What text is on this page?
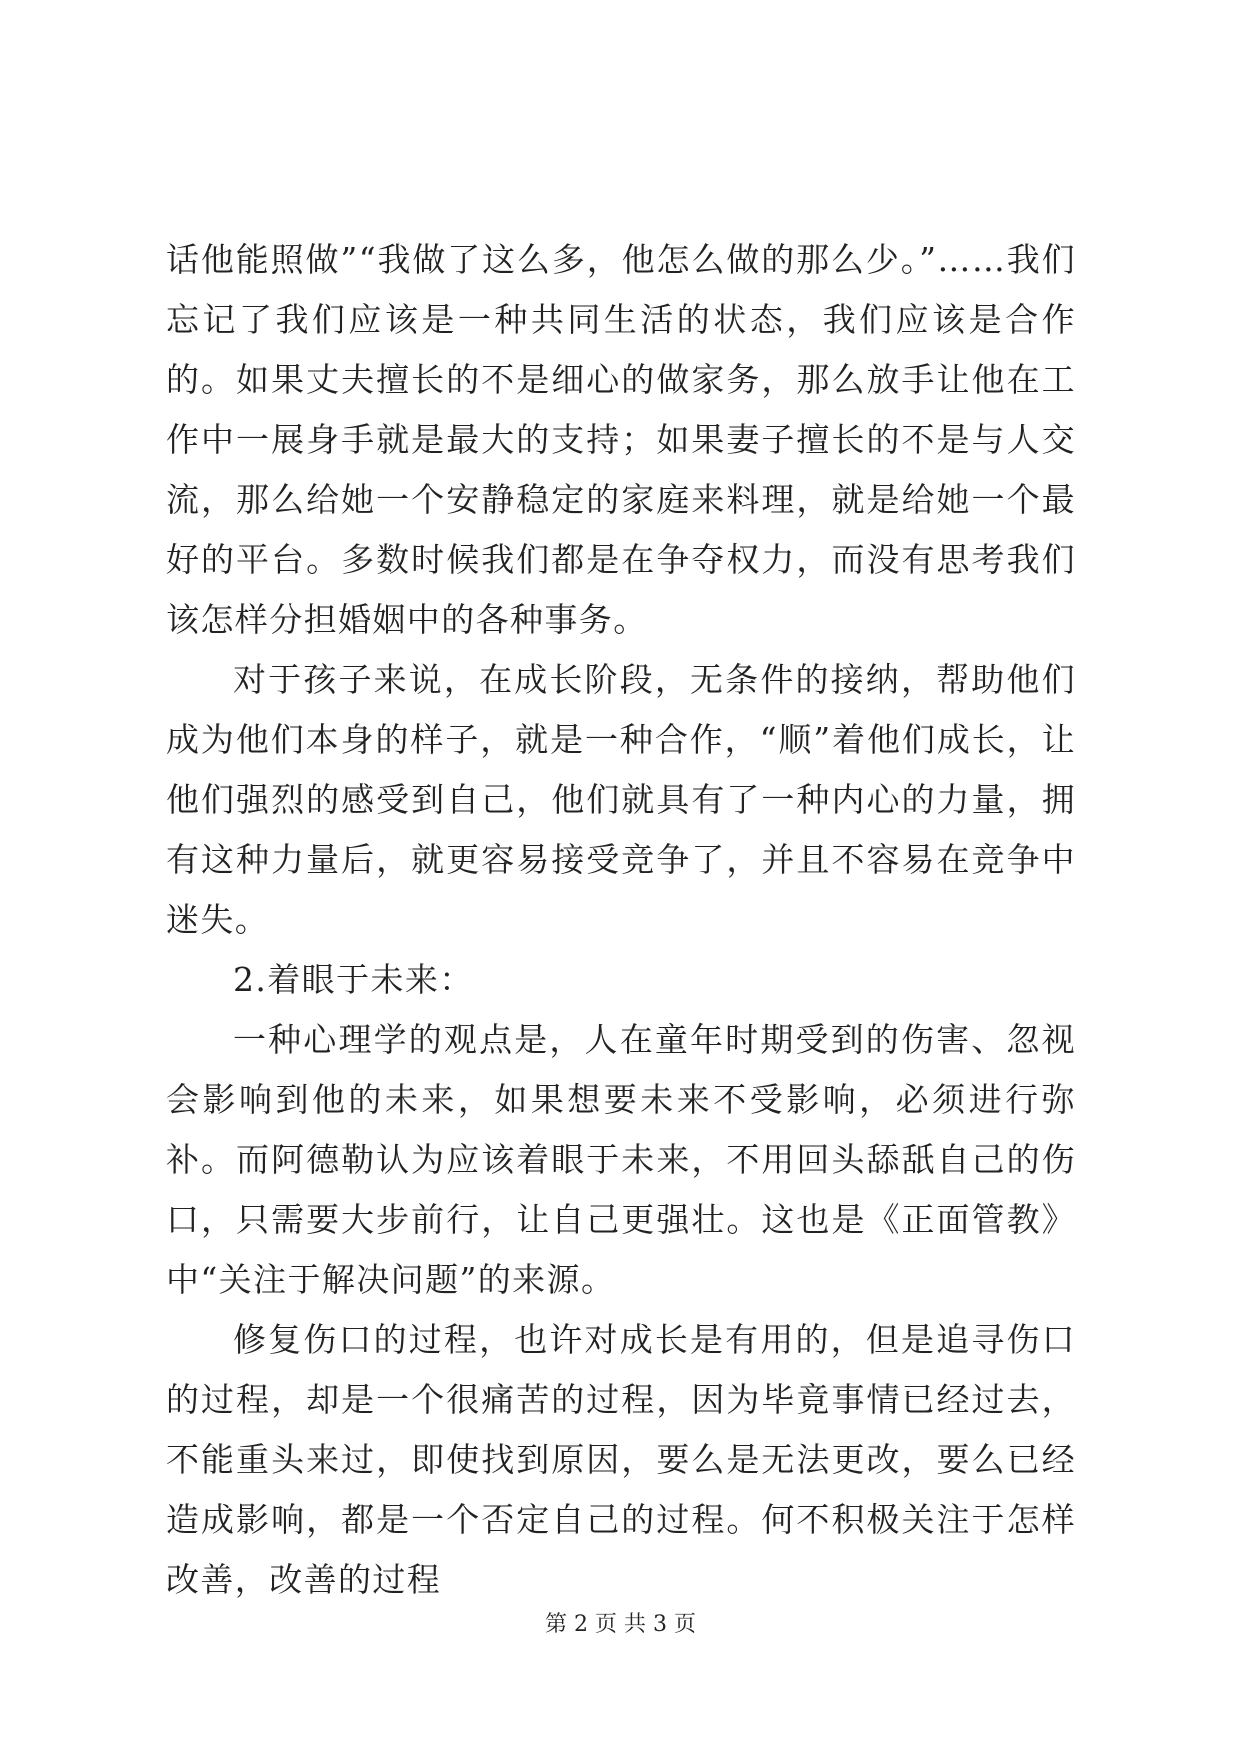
话他能照做”“我做了这么多，他怎么做的那么少。”……我们忘记了我们应该是一种共同生活的状态，我们应该是合作的。如果丈夫擅长的不是细心的做家务，那么放手让他在工作中一展身手就是最大的支持；如果妻子擅长的不是与人交流，那么给她一个安静稳定的家庭来料理，就是给她一个最好的平台。多数时候我们都是在争夺权力，而没有思考我们该怎样分担婚姻中的各种事务。

对于孩子来说，在成长阶段，无条件的接纳，帮助他们成为他们本身的样子，就是一种合作，“顺”着他们成长，让他们强烈的感受到自己，他们就具有了一种内心的力量，拥有这种力量后，就更容易接受竞争了，并且不容易在竞争中迷失。

2.着眼于未来：

一种心理学的观点是，人在童年时期受到的伤害、忽视会影响到他的未来，如果想要未来不受影响，必须进行弥补。而阿德勒认为应该着眼于未来，不用回头舔舐自己的伤口，只需要大步前行，让自己更强壮。这也是《正面管教》中“关注于解决问题”的来源。

修复伤口的过程，也许对成长是有用的，但是追寻伤口的过程，却是一个很痛苦的过程，因为毕竟事情已经过去，不能重头来过，即使找到原因，要么是无法更改，要么已经造成影响，都是一个否定自己的过程。何不积极关注于怎样改善，改善的过程

第 2 页 共 3 页
